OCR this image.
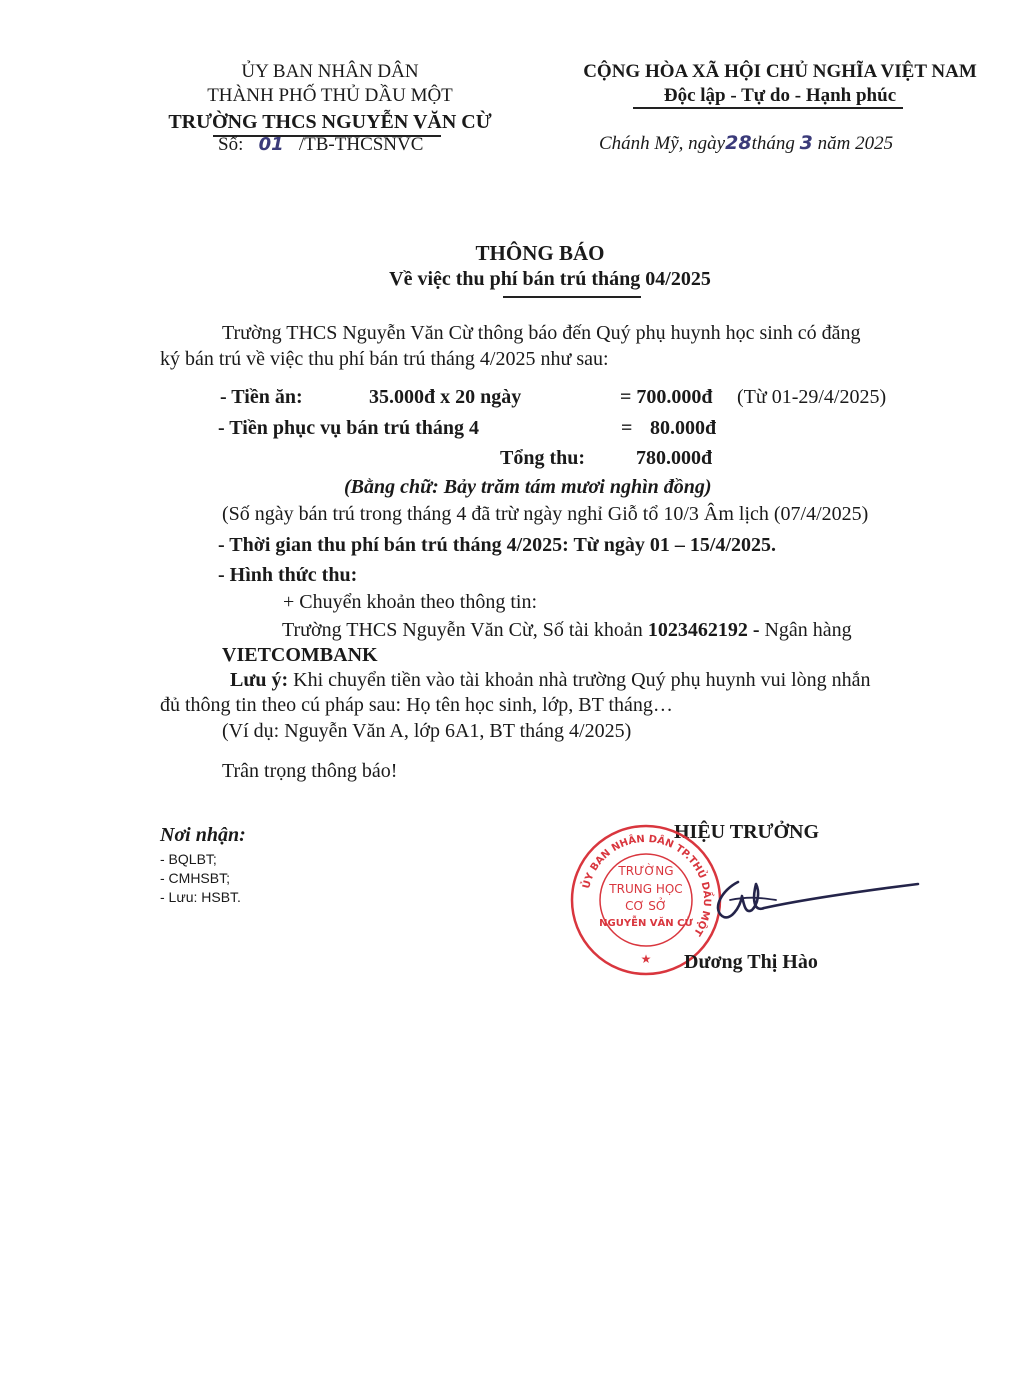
ỦY BAN NHÂN DÂN
THÀNH PHỐ THỦ DẦU MỘT
TRƯỜNG THCS NGUYỄN VĂN CỪ
Số: 01 /TB-THCSNVC
CỘNG HÒA XÃ HỘI CHỦ NGHĨA VIỆT NAM
Độc lập - Tự do - Hạnh phúc
Chánh Mỹ, ngày28tháng 3 năm 2025
THÔNG BÁO
Về việc thu phí bán trú tháng 04/2025
Trường THCS Nguyễn Văn Cừ thông báo đến Quý phụ huynh học sinh có đăng
ký bán trú về việc thu phí bán trú tháng 4/2025 như sau:
- Tiền ăn:	35.000đ x 20 ngày	= 700.000đ (Từ 01-29/4/2025)
- Tiền phục vụ bán trú tháng 4	= 80.000đ
Tổng thu:	780.000đ
(Bằng chữ: Bảy trăm tám mươi nghìn đồng)
(Số ngày bán trú trong tháng 4 đã trừ ngày nghỉ Giỗ tổ 10/3 Âm lịch (07/4/2025)
- Thời gian thu phí bán trú tháng 4/2025: Từ ngày 01 – 15/4/2025.
- Hình thức thu:
+ Chuyển khoản theo thông tin:
Trường THCS Nguyễn Văn Cừ, Số tài khoản 1023462192 - Ngân hàng
VIETCOMBANK
Lưu ý: Khi chuyển tiền vào tài khoản nhà trường Quý phụ huynh vui lòng nhắn
đủ thông tin theo cú pháp sau: Họ tên học sinh, lớp, BT tháng…
(Ví dụ: Nguyễn Văn A, lớp 6A1, BT tháng 4/2025)
Trân trọng thông báo!
Nơi nhận:
- BQLBT;
- CMHSBT;
- Lưu: HSBT.
HIỆU TRƯỞNG
ỦY BAN NHÂN DÂN TP.THỦ DẦU MỘT
TRƯỜNG
TRUNG HỌC
CƠ SỞ
NGUYỄN VĂN CỪ
★ Dương Thị Hào
